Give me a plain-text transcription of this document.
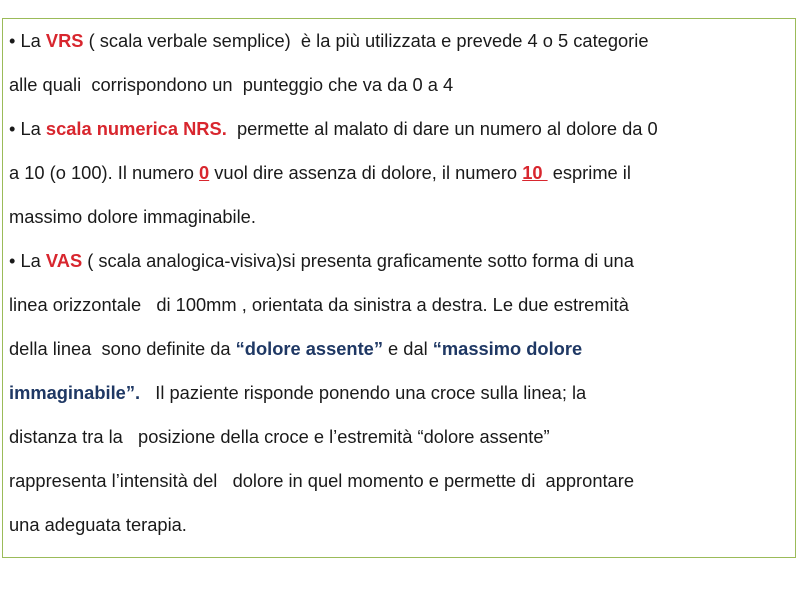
• La VRS ( scala verbale semplice)  è la più utilizzata e prevede 4 o 5 categorie
alle quali  corrispondono un  punteggio che va da 0 a 4
• La scala numerica NRS.  permette al malato di dare un numero al dolore da 0
a 10 (o 100). Il numero 0 vuol dire assenza di dolore, il numero 10  esprime il
massimo dolore immaginabile.
• La VAS ( scala analogica-visiva)si presenta graficamente sotto forma di una
linea orizzontale   di 100mm , orientata da sinistra a destra. Le due estremità
della linea  sono definite da “dolore assente” e dal “massimo dolore
immaginabile”.   Il paziente risponde ponendo una croce sulla linea; la
distanza tra la   posizione della croce e l’estremità “dolore assente”
rappresenta l’intensità del   dolore in quel momento e permette di  approntare
una adeguata terapia.
